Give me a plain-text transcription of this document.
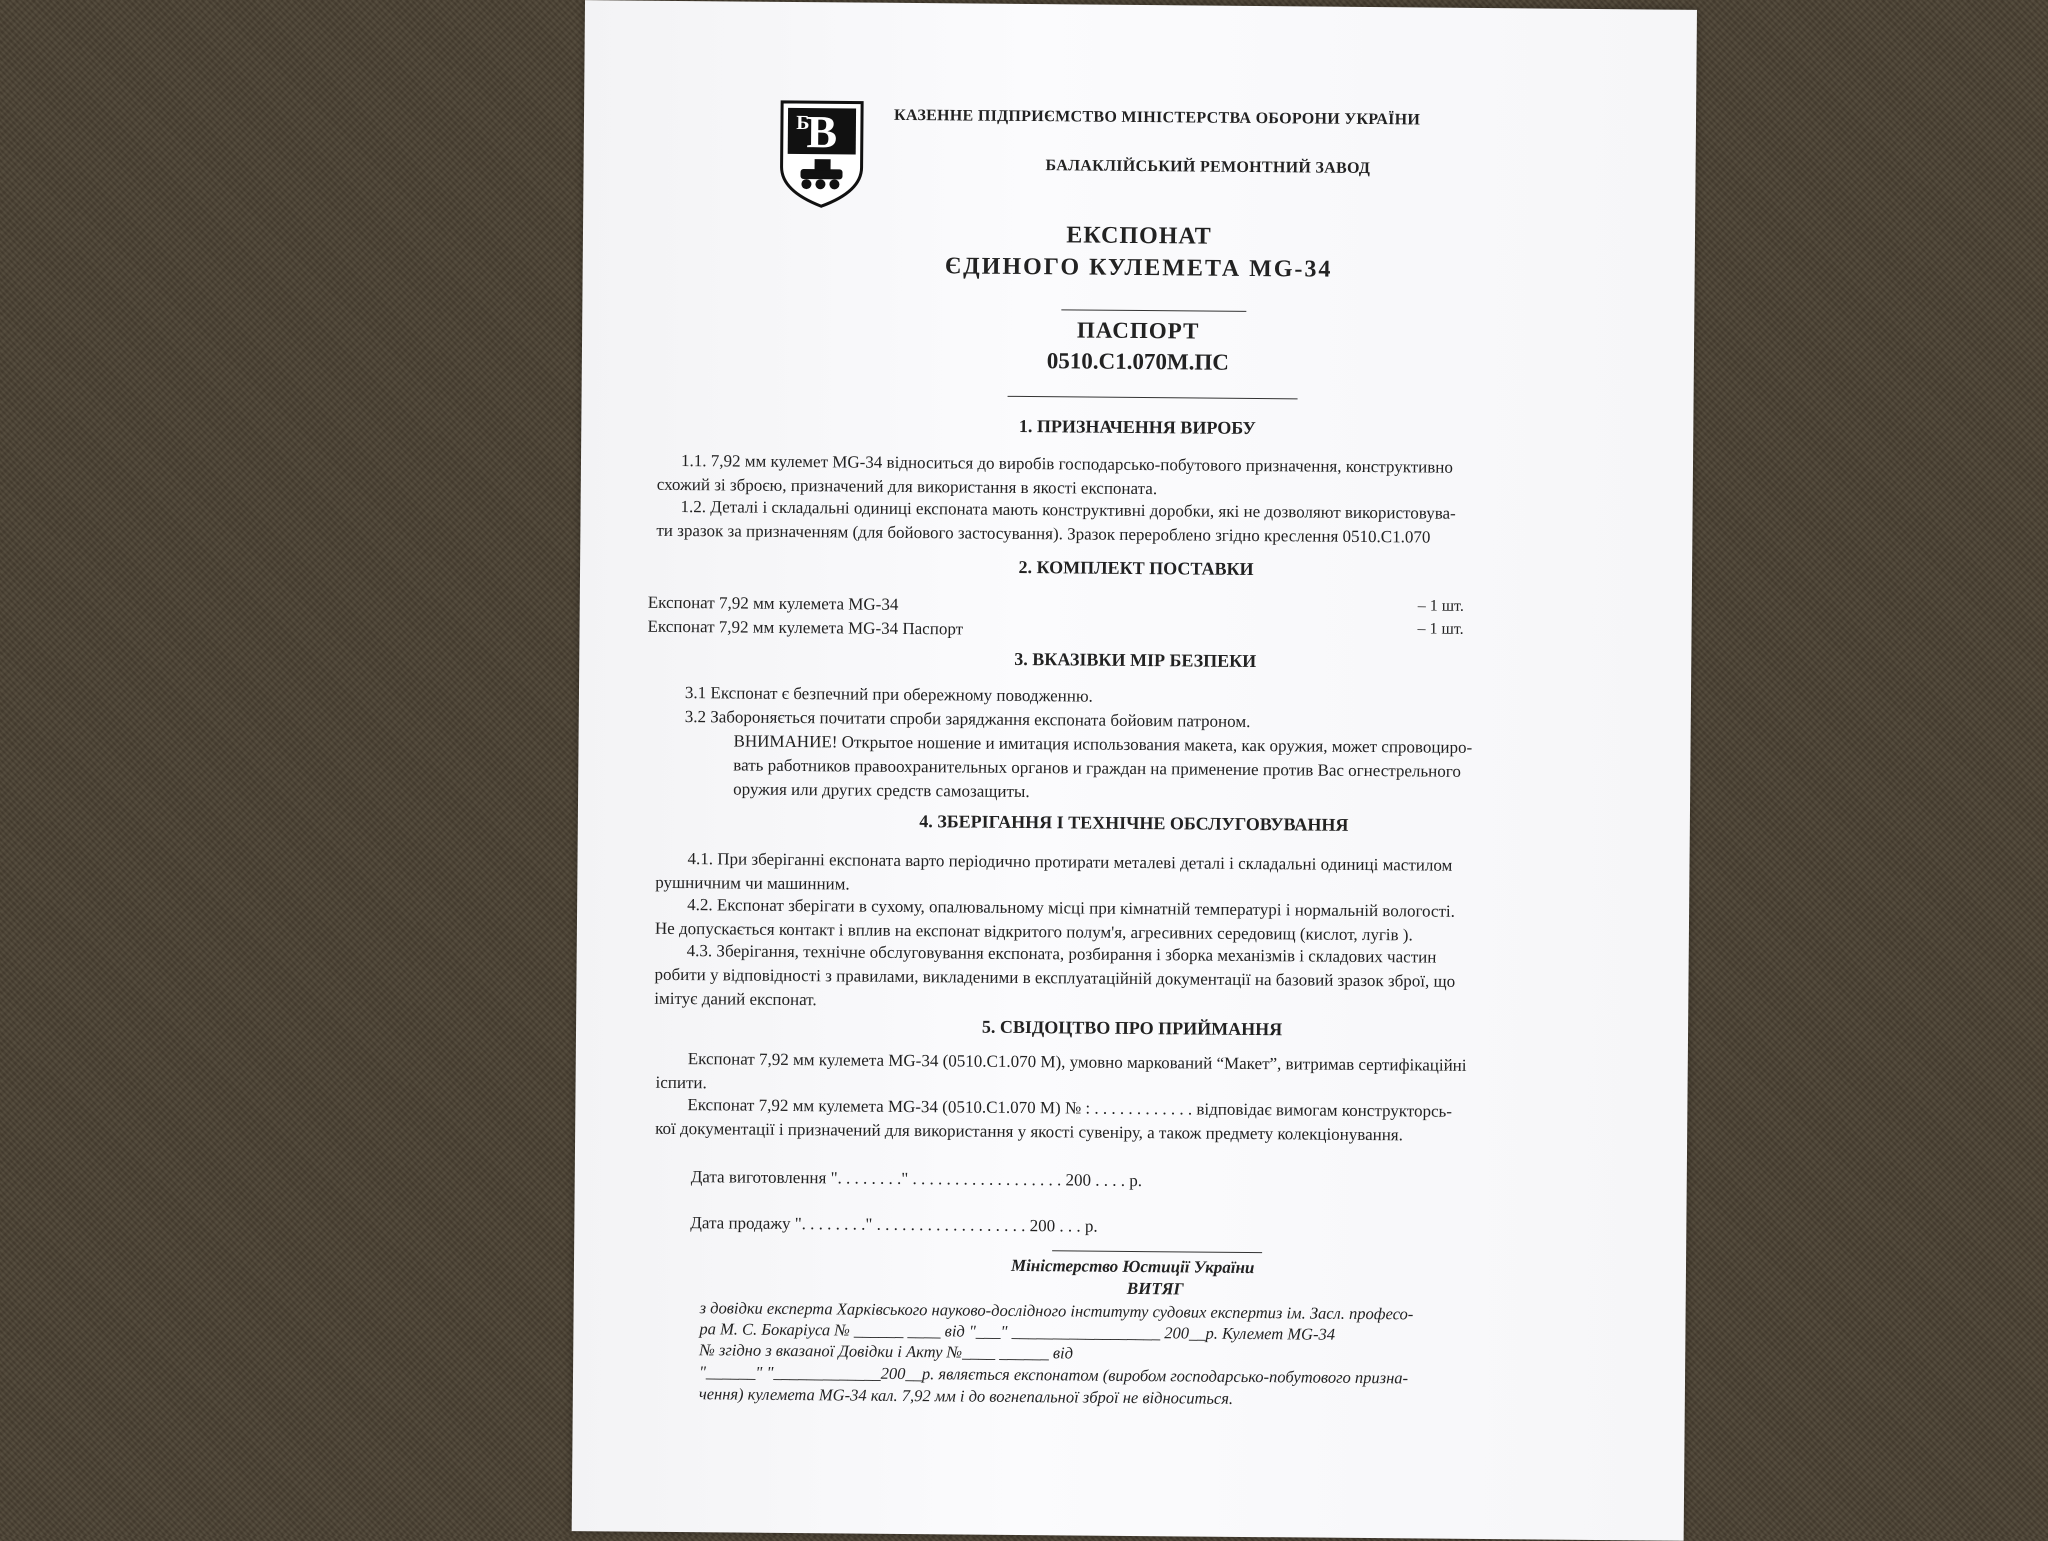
B
Б	КАЗЕННЕ ПІДПРИЄМСТВО МІНІСТЕРСТВА ОБОРОНИ УКРАЇНИ
БАЛАКЛІЙСЬКИЙ РЕМОНТНИЙ ЗАВОД
ЕКСПОНАТ
ЄДИНОГО КУЛЕМЕТА MG-34
ПАСПОРТ
0510.С1.070М.ПС
1. ПРИЗНАЧЕННЯ ВИРОБУ
1.1. 7,92 мм кулемет MG-34 відноситься до виробів господарсько-побутового призначення, конструктивно
схожий зі зброєю, призначений для використання в якості експоната.
1.2. Деталі і складальні одиниці експоната мають конструктивні доробки, які не дозволяют використовува-
ти зразок за призначенням (для бойового застосування). Зразок перероблено згідно креслення 0510.С1.070
2. КОМПЛЕКТ ПОСТАВКИ
Експонат 7,92 мм кулемета MG-34	– 1 шт.
Експонат 7,92 мм кулемета MG-34 Паспорт	– 1 шт.
3. ВКАЗІВКИ МІР БЕЗПЕКИ
3.1 Експонат є безпечний при обережному поводженню.
3.2 Забороняється почитати спроби заряджання експоната бойовим патроном.
ВНИМАНИЕ! Открытое ношение и имитация использования макета, как оружия, может спровоциро-
вать работников правоохранительных органов и граждан на применение против Вас огнестрельного
оружия или других средств самозащиты.
4. ЗБЕРІГАННЯ І ТЕХНІЧНЕ ОБСЛУГОВУВАННЯ
4.1. При зберіганні експоната варто періодично протирати металеві деталі і складальні одиниці мастилом
рушничним чи машинним.
4.2. Експонат зберігати в сухому, опалювальному місці при кімнатній температурі і нормальній вологості.
Не допускається контакт і вплив на експонат відкритого полум'я, агресивних середовищ (кислот, лугів ).
4.3. Зберігання, технічне обслуговування експоната, розбирання і зборка механізмів і складових частин
робити у відповідності з правилами, викладеними в експлуатаційній документації на базовий зразок зброї, що
імітує даний експонат.
5. СВІДОЦТВО ПРО ПРИЙМАННЯ
Експонат 7,92 мм кулемета MG-34 (0510.С1.070 М), умовно маркований “Макет”, витримав сертифікаційні
іспити.
Експонат 7,92 мм кулемета MG-34 (0510.С1.070 М) № : . . . . . . . . . . . . відповідає вимогам конструкторсь-
кої документації і призначений для використання у якості сувеніру, а також предмету колекціонування.
Дата виготовлення ". . . . . . . ." . . . . . . . . . . . . . . . . . . 200 . . . . р.
Дата продажу ". . . . . . . ." . . . . . . . . . . . . . . . . . . 200 . . . р.
Міністерство Юстиції України
ВИТЯГ
з довідки експерта Харківського науково-дослідного інституту судових експертиз ім. Засл. професо-
ра М. С. Бокаріуса № ______ ____ від "___" __________________ 200__р. Кулемет MG-34
№ згідно з вказаної Довідки і Акту №____ ______ від
"______" "_____________200__р. являється експонатом (виробом господарсько-побутового призна-
чення) кулемета MG-34 кал. 7,92 мм і до вогнепальної зброї не відноситься.
